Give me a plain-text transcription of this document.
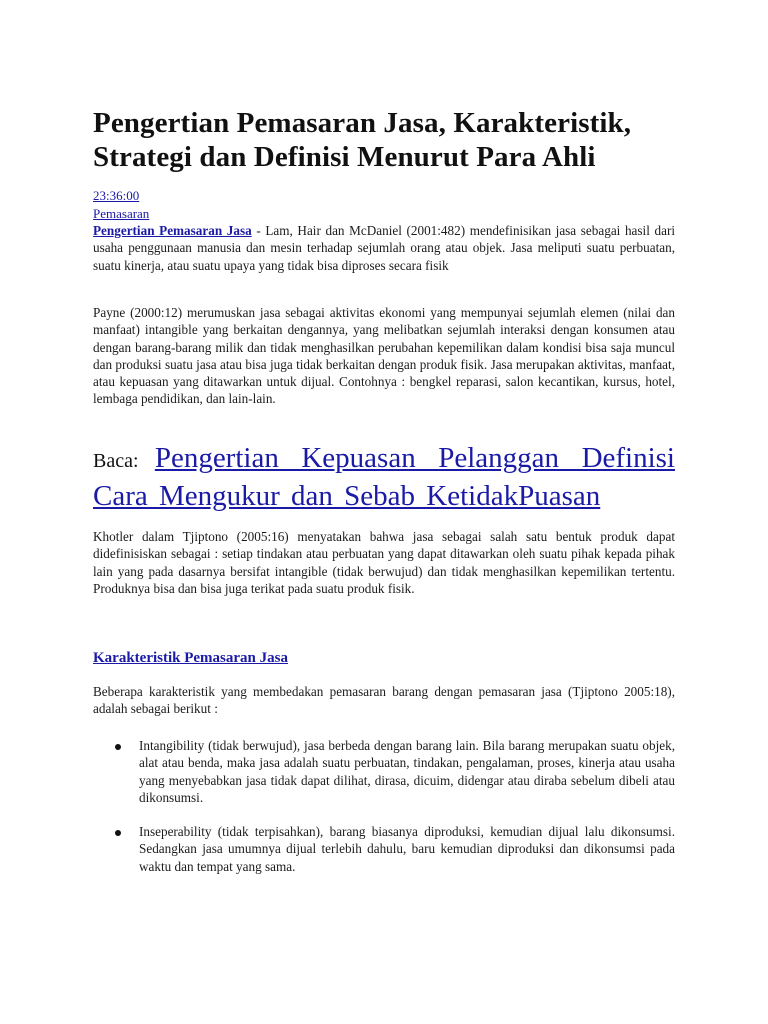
Pengertian Pemasaran Jasa, Karakteristik, Strategi dan Definisi Menurut Para Ahli
23:36:00
Pemasaran

Pengertian Pemasaran Jasa - Lam, Hair dan McDaniel (2001:482) mendefinisikan jasa sebagai hasil dari usaha penggunaan manusia dan mesin terhadap sejumlah orang atau objek. Jasa meliputi suatu perbuatan, suatu kinerja, atau suatu upaya yang tidak bisa diproses secara fisik

Payne (2000:12) merumuskan jasa sebagai aktivitas ekonomi yang mempunyai sejumlah elemen (nilai dan manfaat) intangible yang berkaitan dengannya, yang melibatkan sejumlah interaksi dengan konsumen atau dengan barang-barang milik dan tidak menghasilkan perubahan kepemilikan dalam kondisi bisa saja muncul dan produksi suatu jasa atau bisa juga tidak berkaitan dengan produk fisik. Jasa merupakan aktivitas, manfaat, atau kepuasan yang ditawarkan untuk dijual. Contohnya : bengkel reparasi, salon kecantikan, kursus, hotel, lembaga pendidikan, dan lain-lain.

Baca: Pengertian Kepuasan Pelanggan Definisi Cara Mengukur dan Sebab KetidakPuasan

Khotler dalam Tjiptono (2005:16) menyatakan bahwa jasa sebagai salah satu bentuk produk dapat didefinisiskan sebagai : setiap tindakan atau perbuatan yang dapat ditawarkan oleh suatu pihak kepada pihak lain yang pada dasarnya bersifat intangible (tidak berwujud) dan tidak menghasilkan kepemilikan tertentu. Produknya bisa dan bisa juga terikat pada suatu produk fisik.

Karakteristik Pemasaran Jasa

Beberapa karakteristik yang membedakan pemasaran barang dengan pemasaran jasa (Tjiptono 2005:18), adalah sebagai berikut :

Intangibility (tidak berwujud), jasa berbeda dengan barang lain. Bila barang merupakan suatu objek, alat atau benda, maka jasa adalah suatu perbuatan, tindakan, pengalaman, proses, kinerja atau usaha yang menyebabkan jasa tidak dapat dilihat, dirasa, dicuim, didengar atau diraba sebelum dibeli atau dikonsumsi.
Inseperability (tidak terpisahkan), barang biasanya diproduksi, kemudian dijual lalu dikonsumsi. Sedangkan jasa umumnya dijual terlebih dahulu, baru kemudian diproduksi dan dikonsumsi pada waktu dan tempat yang sama.
